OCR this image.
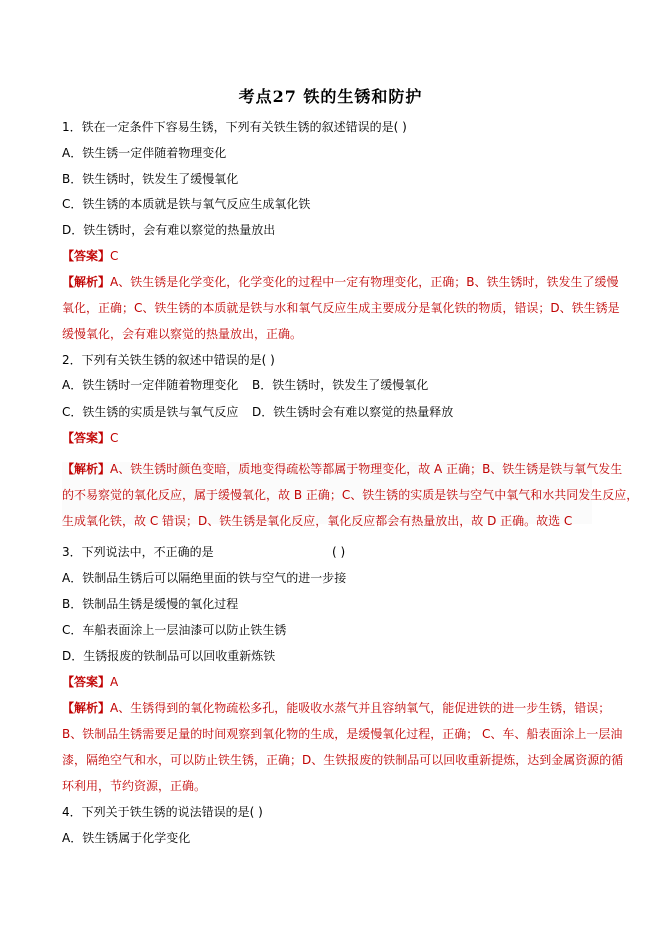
考点27 铁的生锈和防护
1．铁在一定条件下容易生锈，下列有关铁生锈的叙述错误的是( )
A．铁生锈一定伴随着物理变化
B．铁生锈时，铁发生了缓慢氧化
C．铁生锈的本质就是铁与氧气反应生成氧化铁
D．铁生锈时，会有难以察觉的热量放出
【答案】C
【解析】A、铁生锈是化学变化，化学变化的过程中一定有物理变化，正确；B、铁生锈时，铁发生了缓慢
氧化，正确；C、铁生锈的本质就是铁与水和氧气反应生成主要成分是氧化铁的物质，错误；D、铁生锈是
缓慢氧化，会有难以察觉的热量放出，正确。
2．下列有关铁生锈的叙述中错误的是( )
A．铁生锈时一定伴随着物理变化 B．铁生锈时，铁发生了缓慢氧化
C．铁生锈的实质是铁与氧气反应 D．铁生锈时会有难以察觉的热量释放
【答案】C
【解析】A、铁生锈时颜色变暗，质地变得疏松等都属于物理变化，故 A 正确；B、铁生锈是铁与氧气发生
的不易察觉的氧化反应，属于缓慢氧化，故 B 正确；C、铁生锈的实质是铁与空气中氧气和水共同发生反应，
生成氧化铁，故 C 错误；D、铁生锈是氧化反应，氧化反应都会有热量放出，故 D 正确。故选 C
3．下列说法中，不正确的是	( )
A．铁制品生锈后可以隔绝里面的铁与空气的进一步接
B．铁制品生锈是缓慢的氧化过程
C．车船表面涂上一层油漆可以防止铁生锈
D．生锈报废的铁制品可以回收重新炼铁
【答案】A
【解析】A、生锈得到的氧化物疏松多孔，能吸收水蒸气并且容纳氧气，能促进铁的进一步生锈，错误；
B、铁制品生锈需要足量的时间观察到氧化物的生成，是缓慢氧化过程，正确； C、车、船表面涂上一层油
漆，隔绝空气和水，可以防止铁生锈，正确；D、生铁报废的铁制品可以回收重新提炼，达到金属资源的循
环利用，节约资源，正确。
4．下列关于铁生锈的说法错误的是( )
A．铁生锈属于化学变化
